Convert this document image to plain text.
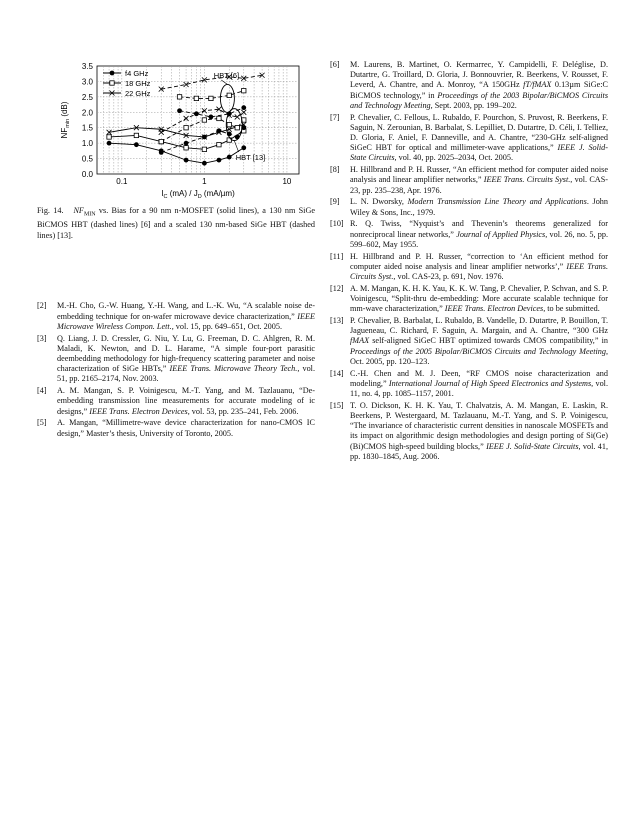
0.0
0.5
1.0
1.5
2.0
2.5
3.0
3.5
0.1	1	10
$NF_{min}$ (dB)
$I_C$ $(mA) / J_D$ (mA/µm)
HBT [6]
HBT [13]
f4 GHz
18 GHz
22 GHz
Fig. 14. $NF_{MIN}$ vs. Bias for a 90 nm n-MOSFET (solid lines), a 130 nm SiGe BiCMOS HBT (dashed lines) [6] and a scaled 130 nm-based SiGe HBT (dashed lines) [13].
[2]	M.-H. Cho, G.-W. Huang, Y.-H. Wang, and L.-K. Wu, “A scalable noise de-embedding technique for on-wafer microwave device characterization,” IEEE Microwave Wireless Compon. Lett., vol. 15, pp. 649–651, Oct. 2005.
[3]	Q. Liang, J. D. Cressler, G. Niu, Y. Lu, G. Freeman, D. C. Ahlgren, R. M. Maladi, K. Newton, and D. L. Harame, “A simple four-port parasitic deembedding methodology for high-frequency scattering parameter and noise characterization of SiGe HBTs,” IEEE Trans. Microwave Theory Tech., vol. 51, pp. 2165–2174, Nov. 2003.
[4]	A. M. Mangan, S. P. Voinigescu, M.-T. Yang, and M. Tazlauanu, “De-embedding transmission line measurements for accurate modeling of ic designs,” IEEE Trans. Electron Devices, vol. 53, pp. 235–241, Feb. 2006.
[5]	A. Mangan, “Millimetre-wave device characterization for nano-CMOS IC design,” Master’s thesis, University of Toronto, 2005.
[6]	M. Laurens, B. Martinet, O. Kermarrec, Y. Campidelli, F. Deléglise, D. Dutartre, G. Troillard, D. Gloria, J. Bonnouvrier, R. Beerkens, V. Rousset, F. Leverd, A. Chantre, and A. Monroy, “A 150GHz fT/fMAX 0.13µm SiGe:C BiCMOS technology,” in Proceedings of the 2003 Bipolar/BiCMOS Circuits and Technology Meeting, Sept. 2003, pp. 199–202.
[7]	P. Chevalier, C. Fellous, L. Rubaldo, F. Pourchon, S. Pruvost, R. Beerkens, F. Saguin, N. Zerounian, B. Barbalat, S. Lepilliet, D. Dutartre, D. Céli, I. Telliez, D. Gloria, F. Aniel, F. Danneville, and A. Chantre, “230-GHz self-aligned SiGeC HBT for optical and millimeter-wave applications,” IEEE J. Solid-State Circuits, vol. 40, pp. 2025–2034, Oct. 2005.
[8]	H. Hillbrand and P. H. Russer, “An efficient method for computer aided noise analysis and linear amplifier networks,” IEEE Trans. Circuits Syst., vol. CAS-23, pp. 235–238, Apr. 1976.
[9]	L. N. Dworsky, Modern Transmission Line Theory and Applications. John Wiley & Sons, Inc., 1979.
[10] R. Q. Twiss, “Nyquist’s and Thevenin’s theorems generalized for nonreciprocal linear networks,” Journal of Applied Physics, vol. 26, no. 5, pp. 599–602, May 1955.
[11] H. Hillbrand and P. H. Russer, “correction to ‘An efficient method for computer aided noise analysis and linear amplifier networks’,” IEEE Trans. Circuits Syst., vol. CAS-23, p. 691, Nov. 1976.
[12] A. M. Mangan, K. H. K. Yau, K. K. W. Tang, P. Chevalier, P. Schvan, and S. P. Voinigescu, “Split-thru de-embedding: More accurate scalable technique for mm-wave characterization,” IEEE Trans. Electron Devices, to be submitted.
[13] P. Chevalier, B. Barbalat, L. Rubaldo, B. Vandelle, D. Dutartre, P. Bouillon, T. Jagueneau, C. Richard, F. Saguin, A. Margain, and A. Chantre, “300 GHz fMAX self-aligned SiGeC HBT optimized towards CMOS compatibility,” in Proceedings of the 2005 Bipolar/BiCMOS Circuits and Technology Meeting, Oct. 2005, pp. 120–123.
[14] C.-H. Chen and M. J. Deen, “RF CMOS noise characterization and modeling,” International Journal of High Speed Electronics and Systems, vol. 11, no. 4, pp. 1085–1157, 2001.
[15] T. O. Dickson, K. H. K. Yau, T. Chalvatzis, A. M. Mangan, E. Laskin, R. Beerkens, P. Westergaard, M. Tazlauanu, M.-T. Yang, and S. P. Voinigescu, “The invariance of characteristic current densities in nanoscale MOSFETs and its impact on algorithmic design methodologies and design porting of Si(Ge) (Bi)CMOS high-speed building blocks,” IEEE J. Solid-State Circuits, vol. 41, pp. 1830–1845, Aug. 2006.
